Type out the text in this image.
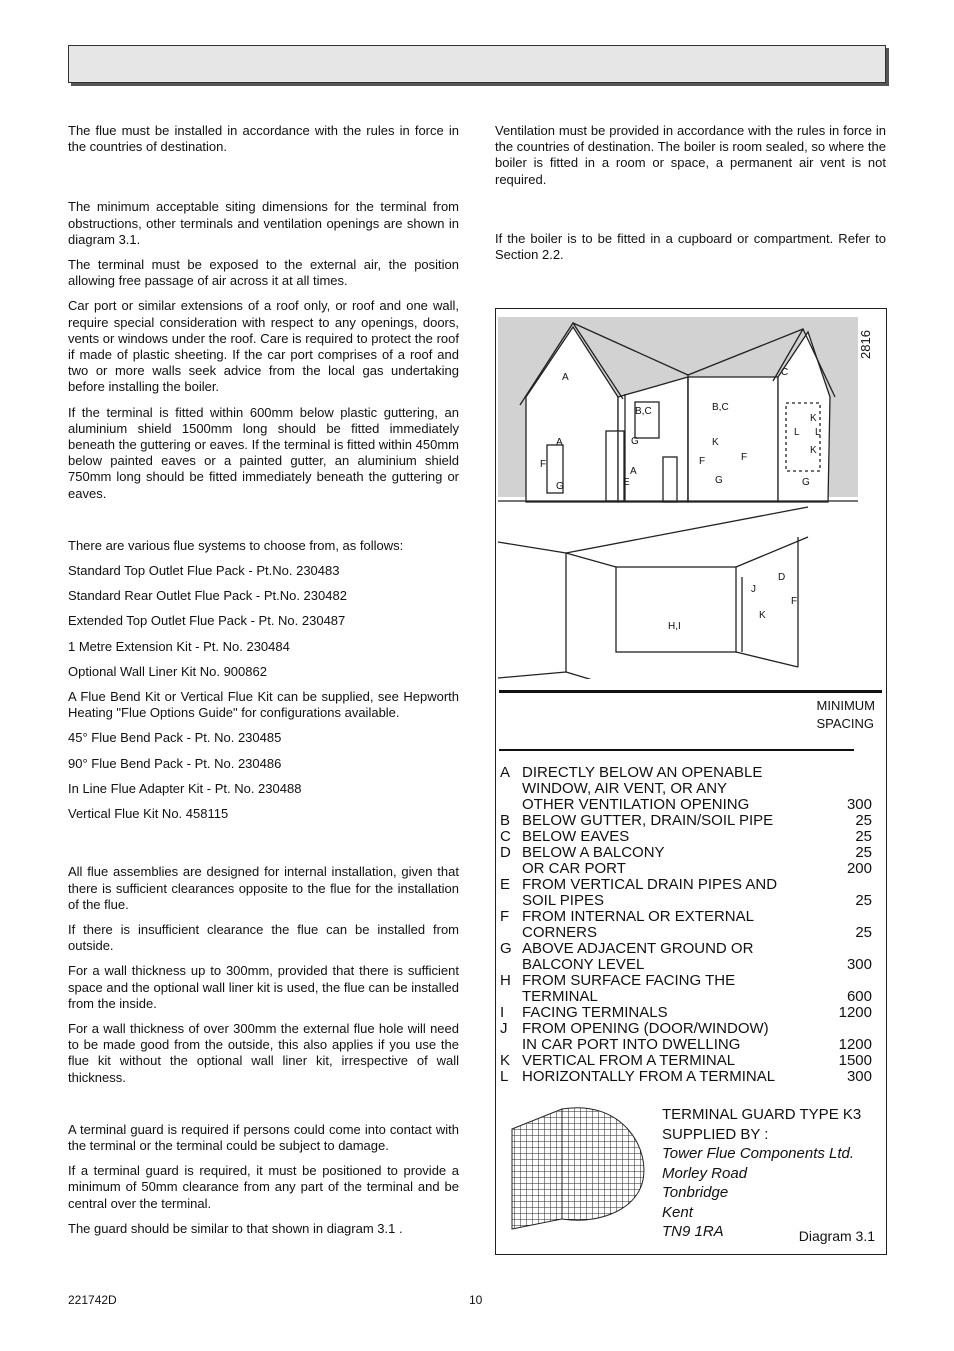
The flue must be installed in accordance with the rules in force in the countries of destination.

The minimum acceptable siting dimensions for the terminal from obstructions, other terminals and ventilation openings are shown in diagram 3.1.

The terminal must be exposed to the external air, the position allowing free passage of air across it at all times.

Car port or similar extensions of a roof only, or roof and one wall, require special consideration with respect to any openings, doors, vents or windows under the roof. Care is required to protect the roof if made of plastic sheeting. If the car port comprises of a roof and two or more walls seek advice from the local gas undertaking before installing the boiler.

If the terminal is fitted within 600mm below plastic guttering, an aluminium shield 1500mm long should be fitted immediately beneath the guttering or eaves. If the terminal is fitted within 450mm below painted eaves or a painted gutter, an aluminium shield 750mm long should be fitted immediately beneath the guttering or eaves.

There are various flue systems to choose from, as follows:

Standard Top Outlet Flue Pack - Pt.No. 230483

Standard Rear Outlet Flue Pack - Pt.No. 230482

Extended Top Outlet Flue Pack - Pt. No. 230487

1 Metre Extension Kit - Pt. No. 230484

Optional Wall Liner Kit No. 900862

A Flue Bend Kit or Vertical Flue Kit can be supplied, see Hepworth Heating "Flue Options Guide" for configurations available.

45° Flue Bend Pack - Pt. No. 230485

90° Flue Bend Pack - Pt. No. 230486

In Line Flue Adapter Kit - Pt. No. 230488

Vertical Flue Kit No. 458115

All flue assemblies are designed for internal installation, given that there is sufficient clearances opposite to the flue for the installation of the flue.

If there is insufficient clearance the flue can be installed from outside.

For a wall thickness up to 300mm, provided that there is sufficient space and the optional wall liner kit is used, the flue can be installed from the inside.

For a wall thickness of over 300mm the external flue hole will need to be made good from the outside, this also applies if you use the flue kit without the optional wall liner kit, irrespective of wall thickness.

A terminal guard is required if persons could come into contact with the terminal or the terminal could be subject to damage.

If a terminal guard is required, it must be positioned to provide a minimum of 50mm clearance from any part of the terminal and be central over the terminal.

The guard should be similar to that shown in diagram 3.1 .

Ventilation must be provided in accordance with the rules in force in the countries of destination. The boiler is room sealed, so where the boiler is fitted in a room or space, a permanent air vent is not required.

If the boiler is to be fitted in a cupboard or compartment. Refer to Section 2.2.

A
A
F
G
B,C
G
B,C
K
A
E
F	F
G
C
K
L L
K
G
D
J
F
K
H,I
2816
MINIMUM
SPACING
A DIRECTLY BELOW AN OPENABLE
WINDOW, AIR VENT, OR ANY
OTHER VENTILATION OPENING	300
B BELOW GUTTER, DRAIN/SOIL PIPE	25
C BELOW EAVES	25
D BELOW A BALCONY	25
OR CAR PORT	200
E FROM VERTICAL DRAIN PIPES AND
SOIL PIPES	25
F FROM INTERNAL OR EXTERNAL
CORNERS	25
G ABOVE ADJACENT GROUND OR
BALCONY LEVEL	300
H FROM SURFACE FACING THE
TERMINAL	600
I	FACING TERMINALS	1200
J FROM OPENING (DOOR/WINDOW)
IN CAR PORT INTO DWELLING	1200
K VERTICAL FROM A TERMINAL	1500
L HORIZONTALLY FROM A TERMINAL	300
TERMINAL GUARD TYPE K3
SUPPLIED BY :
Tower Flue Components Ltd.
Morley Road
Tonbridge
Kent
TN9 1RA	Diagram 3.1
221742D	10
